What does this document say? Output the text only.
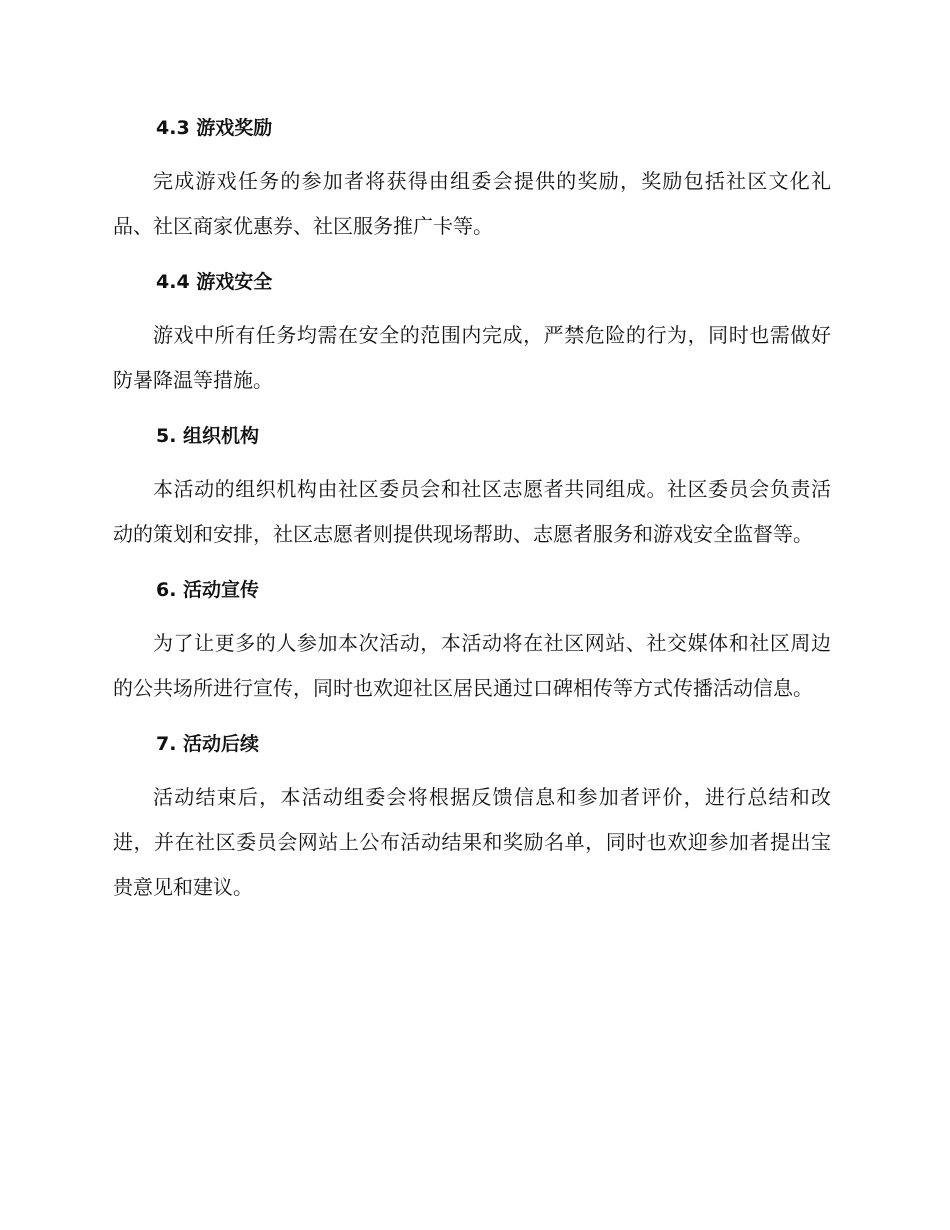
4.3 游戏奖励

完成游戏任务的参加者将获得由组委会提供的奖励，奖励包括社区文化礼品、社区商家优惠券、社区服务推广卡等。

4.4 游戏安全

游戏中所有任务均需在安全的范围内完成，严禁危险的行为，同时也需做好防暑降温等措施。

5. 组织机构

本活动的组织机构由社区委员会和社区志愿者共同组成。社区委员会负责活动的策划和安排，社区志愿者则提供现场帮助、志愿者服务和游戏安全监督等。

6. 活动宣传

为了让更多的人参加本次活动，本活动将在社区网站、社交媒体和社区周边的公共场所进行宣传，同时也欢迎社区居民通过口碑相传等方式传播活动信息。

7. 活动后续

活动结束后，本活动组委会将根据反馈信息和参加者评价，进行总结和改进，并在社区委员会网站上公布活动结果和奖励名单，同时也欢迎参加者提出宝贵意见和建议。
